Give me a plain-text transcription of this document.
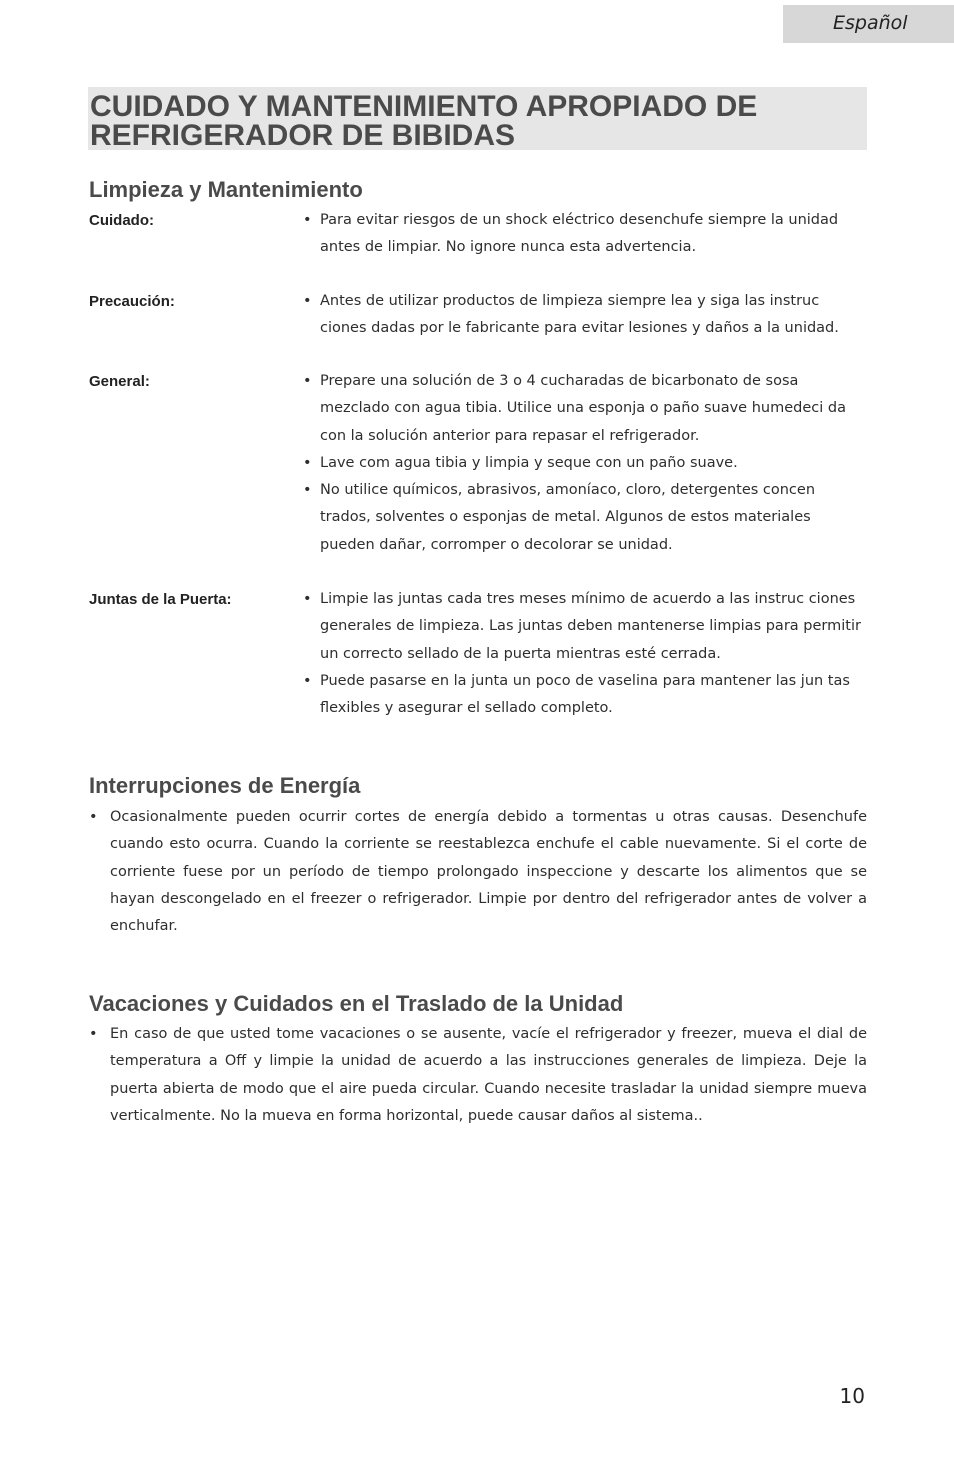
Español
CUIDADO Y MANTENIMIENTO APROPIADO DE REFRIGERADOR DE BIBIDAS
Limpieza y Mantenimiento
Cuidado:	• Para evitar riesgos de un shock eléctrico desenchufe siempre la unidad antes de limpiar. No ignore nunca esta advertencia.
Precaución:	• Antes de utilizar productos de limpieza siempre lea y siga las instruc ciones dadas por le fabricante para evitar lesiones y daños a la unidad.
General:	• Prepare una solución de 3 o 4 cucharadas de bicarbonato de sosa mezclado con agua tibia. Utilice una esponja o paño suave humedeci da con la solución anterior para repasar el refrigerador.
• Lave com agua tibia y limpia y seque con un paño suave.
• No utilice químicos, abrasivos, amoníaco, cloro, detergentes concen trados, solventes o esponjas de metal. Algunos de estos materiales pueden dañar, corromper o decolorar se unidad.
Juntas de la Puerta:	• Limpie las juntas cada tres meses mínimo de acuerdo a las instruc ciones generales de limpieza. Las juntas deben mantenerse limpias para permitir un correcto sellado de la puerta mientras esté cerrada.
• Puede pasarse en la junta un poco de vaselina para mantener las jun tas flexibles y asegurar el sellado completo.
Interrupciones de Energía
• Ocasionalmente pueden ocurrir cortes de energía debido a tormentas u otras causas. Desenchufe cuando esto ocurra. Cuando la corriente se reestablezca enchufe el cable nuevamente. Si el corte de corriente fuese por un período de tiempo prolongado inspeccione y descarte los alimentos que se hayan descongelado en el freezer o refrigerador. Limpie por dentro del refrigerador antes de volver a enchufar.
Vacaciones y Cuidados en el Traslado de la Unidad
• En caso de que usted tome vacaciones o se ausente, vacíe el refrigerador y freezer, mueva el dial de temperatura a Off y limpie la unidad de acuerdo a las instrucciones generales de limpieza. Deje la puerta abierta de modo que el aire pueda circular. Cuando necesite trasladar la unidad siempre mueva verticalmente. No la mueva en forma horizontal, puede causar daños al sistema..
10
